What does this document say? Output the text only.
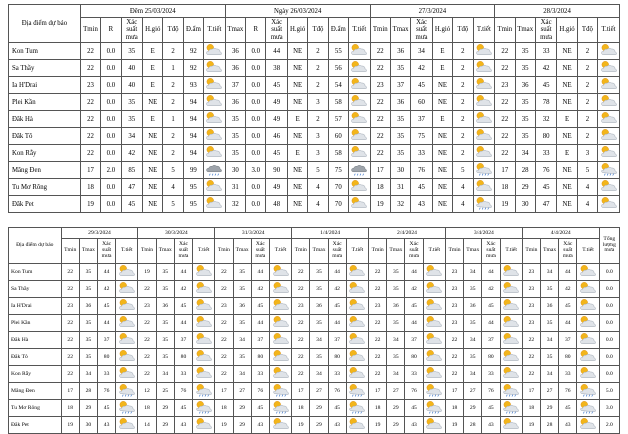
Địa điểm dự báo	Đêm 25/03/2024							Ngày 26/03/2024							27/3/2024						28/3/2024					
	Tmin	R	Xác suất mưa	H.gió	Tđộ	Đ.ẩm	T.tiết	Tmax	R	Xác suất mưa	H.gió	Tđộ	Đ.ẩm	T.tiết	Tmin	Tmax	Xác suất mưa	H.gió	Tđộ	T.tiết	Tmin	Tmax	Xác suất mưa	H.gió	Tđộ	T.tiết
Kon Tum	22	0.0	35	E	2	92		36	0.0	44	NE	2	55		22	36	34	E	2		22	35	33	NE	2	
Sa Thầy	22	0.0	40	E	1	92		36	0.0	38	NE	2	56		22	35	42	E	2		22	35	42	NE	2	
Ia H'Drai	23	0.0	40	E	2	93		37	0.0	45	NE	2	54		23	37	45	NE	2		23	36	45	NE	2	
Plei Kần	22	0.0	35	NE	2	94		36	0.0	49	NE	3	58		22	36	60	NE	2		22	35	78	NE	2	
Đăk Hà	22	0.0	35	E	1	94		35	0.0	49	E	2	57		22	35	37	E	2		22	35	32	E	2	
Đăk Tô	22	0.0	34	NE	2	94		35	0.0	46	NE	3	60		22	35	75	NE	2		22	35	80	NE	2	
Kon Rẫy	22	0.0	42	NE	2	94		35	0.0	45	E	3	58		22	35	33	NE	2		22	34	33	E	3	
Măng Đen	17	2.0	85	NE	5	99		30	3.0	90	NE	5	75		17	30	76	NE	5		17	28	76	NE	5	
Tu Mơ Rông	18	0.0	47	NE	4	95		31	0.0	49	NE	4	70		18	31	45	NE	4		18	29	45	NE	4	
Đăk Pet	19	0.0	45	NE	5	95		32	0.0	48	NE	4	70		19	32	43	NE	4		19	30	47	NE	4	
Địa điểm dự báo	29/3/2024				30/3/2024				31/3/2024				1/4/2024				2/4/2024				3/4/2024				4/4/2024				Tổng lượng mưa
	Tmin	Tmax	Xác suất mưa	T.tiết	Tmin	Tmax	Xác suất mưa	T.tiết	Tmin	Tmax	Xác suất mưa	T.tiết	Tmin	Tmax	Xác suất mưa	T.tiết	Tmin	Tmax	Xác suất mưa	T.tiết	Tmin	Tmax	Xác suất mưa	T.tiết	Tmin	Tmax	Xác suất mưa	T.tiết	
Kon Tum	22	35	44		19	35	44		22	35	44		22	35	44		22	35	44		23	34	44		23	34	44		0.0
Sa Thầy	22	35	42		22	35	42		22	35	42		22	35	42		22	35	42		23	35	42		23	35	42		0.0
Ia H'Drai	23	36	45		23	36	45		23	36	45		23	36	45		23	36	45		23	36	45		23	36	45		0.0
Plei Kần	22	35	44		22	35	44		22	35	44		22	35	44		22	35	44		23	35	44		23	35	44		0.0
Đăk Hà	22	35	37		22	35	37		22	34	37		22	34	37		22	34	37		22	34	37		22	34	37		0.0
Đăk Tô	22	35	80		22	35	80		22	35	80		22	35	80		22	35	80		22	35	80		22	35	80		0.0
Kon Rẫy	22	34	33		22	34	33		22	34	33		22	34	33		22	34	33		22	34	33		22	34	33		0.0
Măng Đen	17	28	76		12	25	76		17	27	76		17	27	76		17	27	76		17	27	76		17	27	76		5.0
Tu Mơ Rông	18	29	45		18	29	45		18	29	45		18	29	45		18	29	45		18	29	45		18	29	45		3.0
Đăk Pet	19	30	43		14	29	43		19	29	43		19	29	43		19	29	43		19	28	43		19	28	43		2.0
